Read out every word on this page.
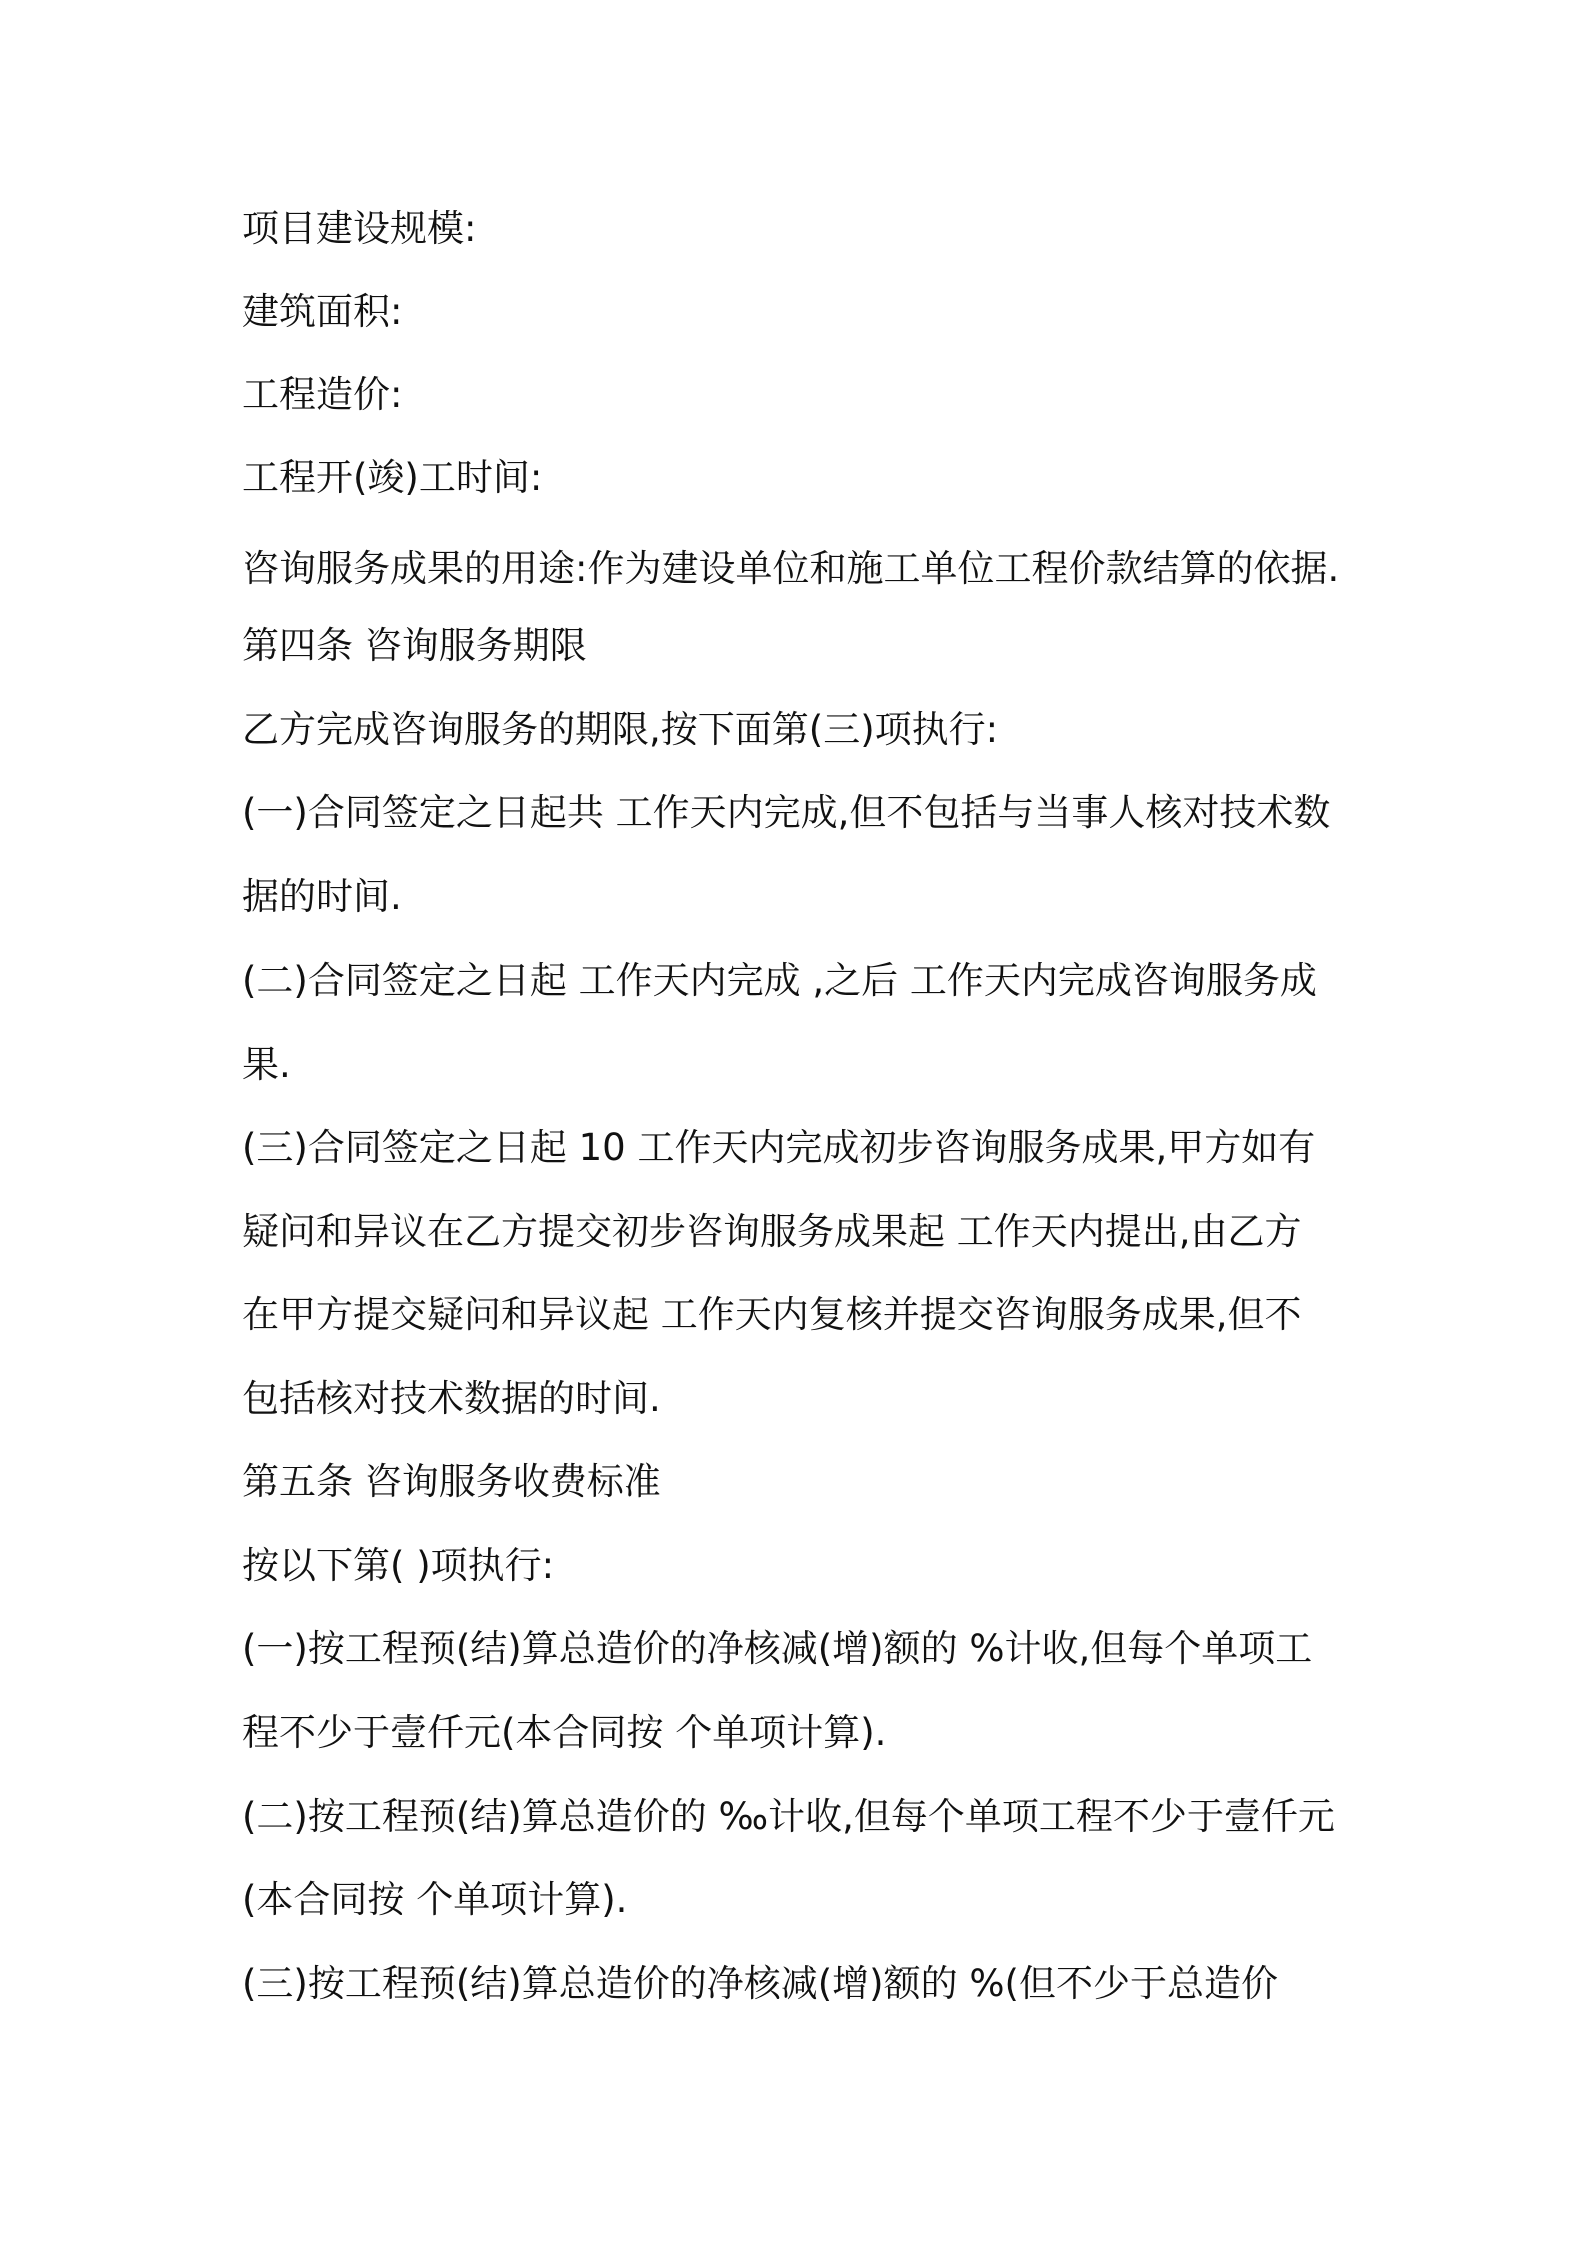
项目建设规模:
建筑面积:
工程造价:
工程开(竣)工时间:
咨询服务成果的用途:作为建设单位和施工单位工程价款结算的依据.
第四条 咨询服务期限
乙方完成咨询服务的期限,按下面第(三)项执行:
(一)合同签定之日起共 工作天内完成,但不包括与当事人核对技术数
据的时间.
(二)合同签定之日起 工作天内完成 ,之后 工作天内完成咨询服务成
果.
(三)合同签定之日起 10 工作天内完成初步咨询服务成果,甲方如有
疑问和异议在乙方提交初步咨询服务成果起 工作天内提出,由乙方
在甲方提交疑问和异议起 工作天内复核并提交咨询服务成果,但不
包括核对技术数据的时间.
第五条 咨询服务收费标准
按以下第( )项执行:
(一)按工程预(结)算总造价的净核减(增)额的 %计收,但每个单项工
程不少于壹仟元(本合同按 个单项计算).
(二)按工程预(结)算总造价的 ‰计收,但每个单项工程不少于壹仟元
(本合同按 个单项计算).
(三)按工程预(结)算总造价的净核减(增)额的 %(但不少于总造价
